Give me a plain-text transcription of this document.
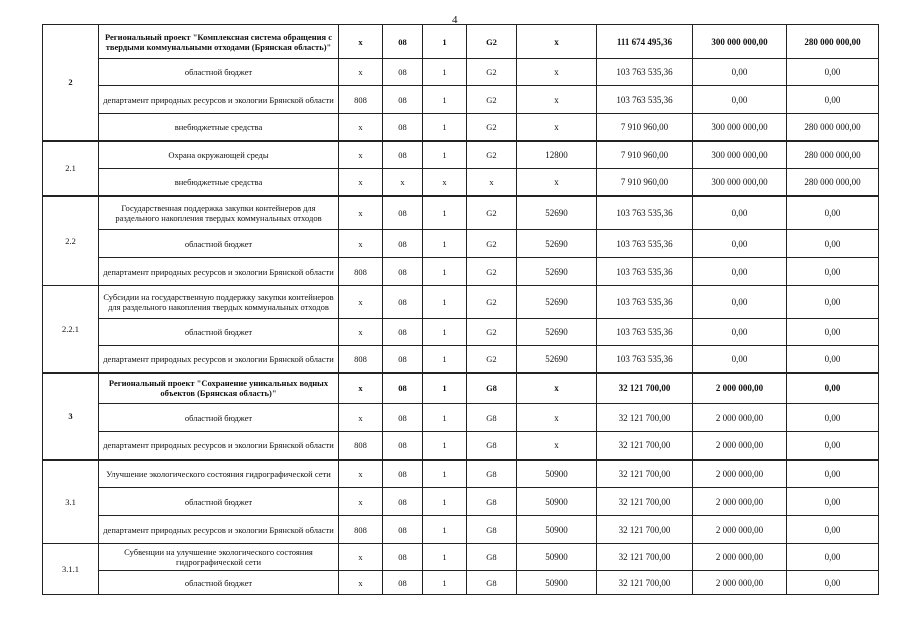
4
2	Региональный проект "Комплексная система обращения с твердыми коммунальными отходами (Брянская область)"	x	08	1	G2	x	111 674 495,36	300 000 000,00	280 000 000,00
	областной бюджет	x	08	1	G2	x	103 763 535,36	0,00	0,00
	департамент природных ресурсов и экологии Брянской области	808	08	1	G2	x	103 763 535,36	0,00	0,00
	внебюджетные средства	x	08	1	G2	x	7 910 960,00	300 000 000,00	280 000 000,00
2.1	Охрана окружающей среды	x	08	1	G2	12800	7 910 960,00	300 000 000,00	280 000 000,00
	внебюджетные средства	x	x	x	x	x	7 910 960,00	300 000 000,00	280 000 000,00
2.2	Государственная поддержка закупки контейнеров для раздельного накопления твердых коммунальных отходов	x	08	1	G2	52690	103 763 535,36	0,00	0,00
	областной бюджет	x	08	1	G2	52690	103 763 535,36	0,00	0,00
	департамент природных ресурсов и экологии Брянской области	808	08	1	G2	52690	103 763 535,36	0,00	0,00
2.2.1	Субсидии на государственную поддержку закупки контейнеров для раздельного накопления твердых коммунальных отходов	x	08	1	G2	52690	103 763 535,36	0,00	0,00
	областной бюджет	x	08	1	G2	52690	103 763 535,36	0,00	0,00
	департамент природных ресурсов и экологии Брянской области	808	08	1	G2	52690	103 763 535,36	0,00	0,00
3	Региональный проект "Сохранение уникальных водных объектов (Брянская область)"	x	08	1	G8	x	32 121 700,00	2 000 000,00	0,00
	областной бюджет	x	08	1	G8	x	32 121 700,00	2 000 000,00	0,00
	департамент природных ресурсов и экологии Брянской области	808	08	1	G8	x	32 121 700,00	2 000 000,00	0,00
3.1	Улучшение экологического состояния гидрографической сети	x	08	1	G8	50900	32 121 700,00	2 000 000,00	0,00
	областной бюджет	x	08	1	G8	50900	32 121 700,00	2 000 000,00	0,00
	департамент природных ресурсов и экологии Брянской области	808	08	1	G8	50900	32 121 700,00	2 000 000,00	0,00
3.1.1	Субвенции на улучшение экологического состояния гидрографической сети	x	08	1	G8	50900	32 121 700,00	2 000 000,00	0,00
	областной бюджет	x	08	1	G8	50900	32 121 700,00	2 000 000,00	0,00
